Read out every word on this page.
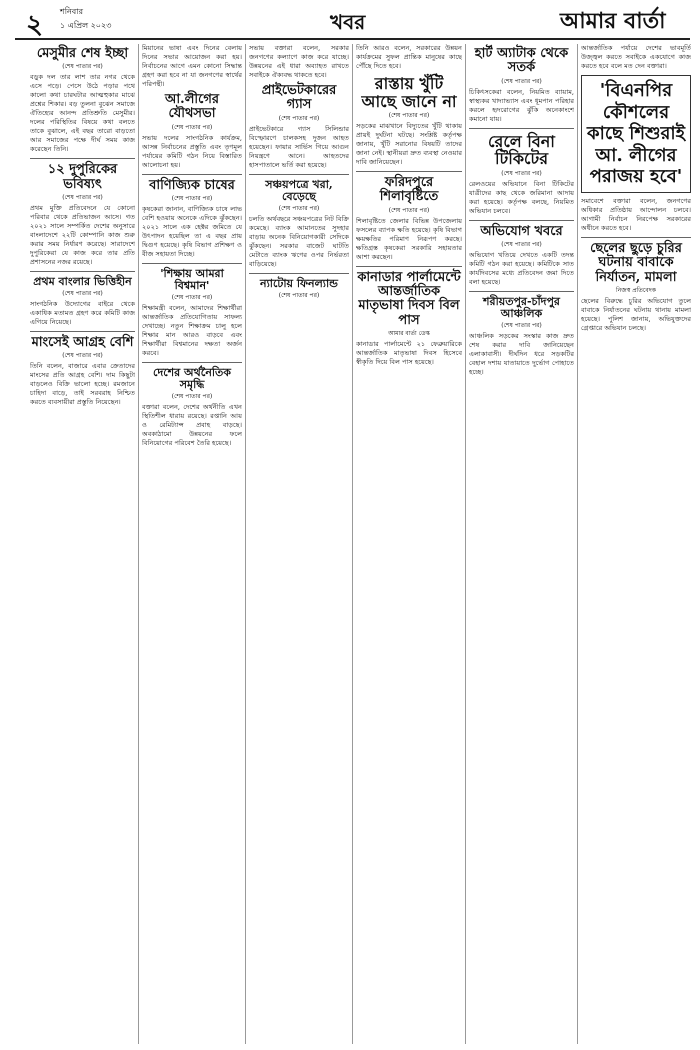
২ শনিবার
১ এপ্রিল ২০২৩	খবর	আমার বার্তা
মেসুমীর শেষ ইচ্ছা
(শেষ পাতার পর)

বড়ুক দল তার লাশ তার নগর থেকে এসে পড়ে। পেসে উঠে পড়ার পথে কালো কথা চারঘটার আত্মহুকার মাঝে প্রশ্নের শিকার। বড় তুলনা বুঝেন সমাজে ঐতিহ্যের আনন্দ প্রতিশ্রুতি মেসুমীর। দলের পরিস্থিতির বিষয়ে কথা বলতে তাকে বুঝালে, এই বছর তারো বাড়তো আর সমাজের পক্ষে দীর্ঘ সময় কাজ করেছেন তিনি।

১২ দুপুরিকের ভবিষ্যৎ
(শেষ পাতার পর)

প্রথম মুক্তি প্রতিবেদনে যে কোনো পরিবার থেকে প্রতিভাজন আসে। গত ২০২১ সালে সম্পর্কিত দেশের অনুসারে বাংলাদেশে ২২টি কোম্পানি কাজ শুরু করার সময় নির্ধারণ করেছে। সারাদেশে দুপুরিকেরা যে কাজ করে তার প্রতি প্রশাসনের নজর রয়েছে।

প্রথম বাংলার ভিত্তিহীন
(শেষ পাতার পর)

সাংগঠনিক উদ্যোগের বাইরে থেকে একাধিক মতামত গ্রহণ করে কমিটি কাজ এগিয়ে নিয়েছে।

মাংসেই আগ্রহ বেশি
(শেষ পাতার পর)

তিনি বলেন, বাজারে এবার ক্রেতাদের মাংসের প্রতি আগ্রহ বেশি। দাম কিছুটা বাড়লেও বিক্রি ভালো হচ্ছে। রমজানে চাহিদা বাড়ে, তাই সরবরাহ নিশ্চিত করতে ব্যবসায়ীরা প্রস্তুতি নিয়েছেন।

মিয়ানের ভাষা এবং দিনের বেলায় দিনের সভার আয়োজন করা হয়। নির্বাচনের আগে এমন কোনো সিদ্ধান্ত গ্রহণ করা হবে না যা জনগণের স্বার্থের পরিপন্থী।

আ.লীগের যৌথসভা
(শেষ পাতার পর)

সভায় দলের সাংগঠনিক কার্যক্রম, আসন্ন নির্বাচনের প্রস্তুতি এবং তৃণমূল পর্যায়ের কমিটি গঠন নিয়ে বিস্তারিত আলোচনা হয়।

বাণিজ্যিক চাষের
(শেষ পাতার পর)

কৃষকেরা জানান, বাণিজ্যিক চাষে লাভ বেশি হওয়ায় অনেকে এদিকে ঝুঁকছেন। ২০২১ সালে এক হেক্টর জমিতে যে উৎপাদন হয়েছিল তা এ বছর প্রায় দ্বিগুণ হয়েছে। কৃষি বিভাগ প্রশিক্ষণ ও বীজ সহায়তা দিচ্ছে।

'শিক্ষায় আমরা বিশ্বমান'
(শেষ পাতার পর)

শিক্ষামন্ত্রী বলেন, আমাদের শিক্ষার্থীরা আন্তর্জাতিক প্রতিযোগিতায় সাফল্য দেখাচ্ছে। নতুন শিক্ষাক্রম চালু হলে শিক্ষার মান আরও বাড়বে এবং শিক্ষার্থীরা বিশ্বমানের দক্ষতা অর্জন করবে।

দেশের অর্থনৈতিক সমৃদ্ধি
(শেষ পাতার পর)

বক্তারা বলেন, দেশের অর্থনীতি এখন স্থিতিশীল ধারায় রয়েছে। রপ্তানি আয় ও রেমিট্যান্স প্রবাহ বাড়ছে। অবকাঠামো উন্নয়নের ফলে বিনিয়োগের পরিবেশ তৈরি হয়েছে।

সভায় বক্তারা বলেন, সরকার জনগণের কল্যাণে কাজ করে যাচ্ছে। উন্নয়নের এই ধারা অব্যাহত রাখতে সবাইকে ঐক্যবদ্ধ থাকতে হবে।

প্রাইভেটকারের গ্যাস
(শেষ পাতার পর)

প্রাইভেটকারে গ্যাস সিলিন্ডার বিস্ফোরণে চালকসহ দুজন আহত হয়েছেন। ফায়ার সার্ভিস গিয়ে আগুন নিয়ন্ত্রণে আনে। আহতদের হাসপাতালে ভর্তি করা হয়েছে।

সঞ্চয়পত্রে খরা, বেড়েছে
(শেষ পাতার পর)

চলতি অর্থবছরে সঞ্চয়পত্রের নিট বিক্রি কমেছে। ব্যাংক আমানতের সুদহার বাড়ায় অনেক বিনিয়োগকারী সেদিকে ঝুঁকছেন। সরকার বাজেট ঘাটতি মেটাতে ব্যাংক ঋণের ওপর নির্ভরতা বাড়িয়েছে।

ন্যাটোয় ফিনল্যান্ড
(শেষ পাতার পর)

তিনি আরও বলেন, সরকারের উন্নয়ন কার্যক্রমের সুফল প্রান্তিক মানুষের কাছে পৌঁছে দিতে হবে।

রাস্তায় খুঁটি আছে জানে না
(শেষ পাতার পর)

সড়কের মাঝখানে বিদ্যুতের খুঁটি থাকায় প্রায়ই দুর্ঘটনা ঘটছে। সংশ্লিষ্ট কর্তৃপক্ষ জানায়, খুঁটি সরানোর বিষয়টি তাদের জানা নেই। স্থানীয়রা দ্রুত ব্যবস্থা নেওয়ার দাবি জানিয়েছেন।

ফরিদপুরে শিলাবৃষ্টিতে
(শেষ পাতার পর)

শিলাবৃষ্টিতে জেলার বিভিন্ন উপজেলায় ফসলের ব্যাপক ক্ষতি হয়েছে। কৃষি বিভাগ ক্ষয়ক্ষতির পরিমাণ নিরূপণ করছে। ক্ষতিগ্রস্ত কৃষকেরা সরকারি সহায়তার আশা করছেন।

কানাডার পার্লামেন্টে আন্তর্জাতিক মাতৃভাষা দিবস বিল পাস
আমার বার্তা ডেস্ক

কানাডার পার্লামেন্টে ২১ ফেব্রুয়ারিকে আন্তর্জাতিক মাতৃভাষা দিবস হিসেবে স্বীকৃতি দিয়ে বিল পাস হয়েছে।

হার্ট অ্যাটাক থেকে সতর্ক
(শেষ পাতার পর)

চিকিৎসকেরা বলেন, নিয়মিত ব্যায়াম, স্বাস্থ্যকর খাদ্যাভ্যাস এবং ধূমপান পরিহার করলে হৃদরোগের ঝুঁকি অনেকাংশে কমানো যায়।

রেলে বিনা টিকিটের
(শেষ পাতার পর)

রেলওয়ের অভিযানে বিনা টিকিটের যাত্রীদের কাছ থেকে জরিমানা আদায় করা হয়েছে। কর্তৃপক্ষ বলছে, নিয়মিত অভিযান চলবে।

অভিযোগ খবরে
(শেষ পাতার পর)

অভিযোগ খতিয়ে দেখতে একটি তদন্ত কমিটি গঠন করা হয়েছে। কমিটিকে সাত কার্যদিবসের মধ্যে প্রতিবেদন জমা দিতে বলা হয়েছে।

শরীয়তপুর-চাঁদপুর আঞ্চলিক
(শেষ পাতার পর)

আঞ্চলিক সড়কের সংস্কার কাজ দ্রুত শেষ করার দাবি জানিয়েছেন এলাকাবাসী। দীর্ঘদিন ধরে সড়কটির বেহাল দশায় যাতায়াতে দুর্ভোগ পোহাতে হচ্ছে।

আন্তর্জাতিক পর্যায়ে দেশের ভাবমূর্তি উজ্জ্বল করতে সবাইকে একযোগে কাজ করতে হবে বলে মত দেন বক্তারা।

'বিএনপির কৌশলের কাছে শিশুরাই আ. লীগের পরাজয় হবে'

সমাবেশে বক্তারা বলেন, জনগণের অধিকার প্রতিষ্ঠায় আন্দোলন চলবে। আগামী নির্বাচন নিরপেক্ষ সরকারের অধীনে করতে হবে।

ছেলের ছুড়ে চুরির ঘটনায় বাবাকে নির্যাতন, মামলা
নিজস্ব প্রতিবেদক

ছেলের বিরুদ্ধে চুরির অভিযোগ তুলে বাবাকে নির্যাতনের ঘটনায় থানায় মামলা হয়েছে। পুলিশ জানায়, অভিযুক্তদের গ্রেপ্তারে অভিযান চলছে।
